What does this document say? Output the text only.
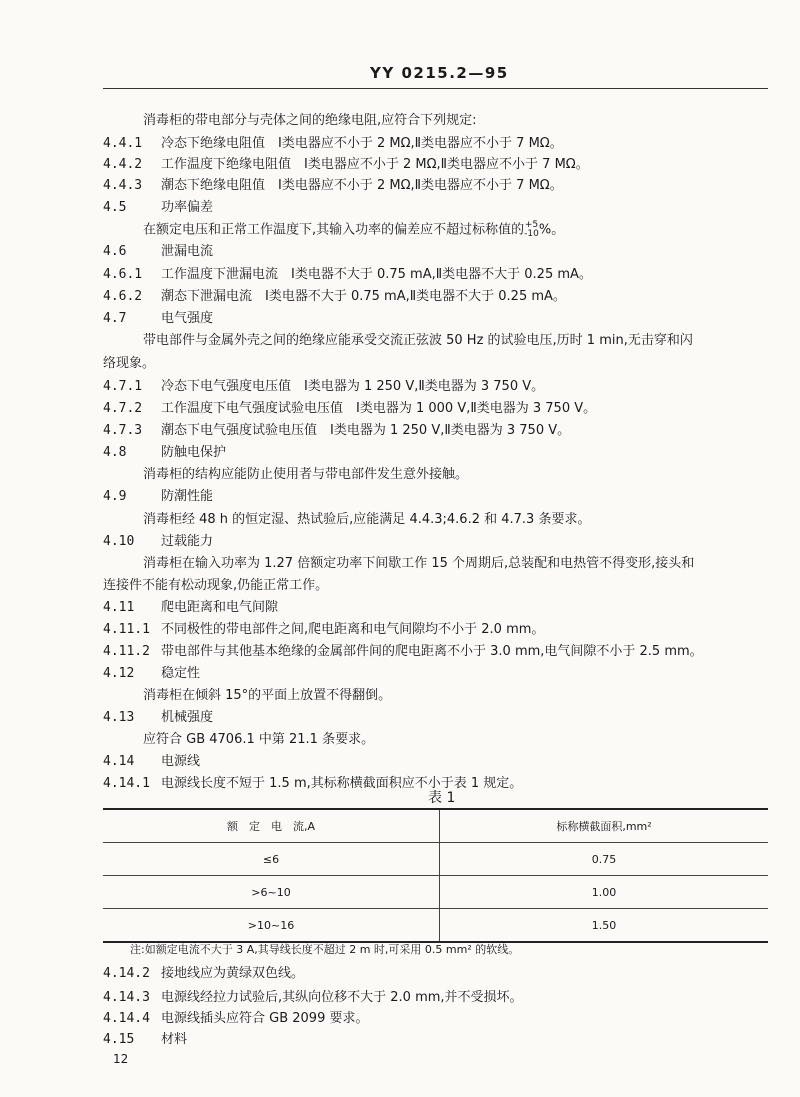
YY 0215.2—95
消毒柜的带电部分与壳体之间的绝缘电阻,应符合下列规定:
4.4.1 冷态下绝缘电阻值　Ⅰ类电器应不小于 2 MΩ,Ⅱ类电器应不小于 7 MΩ。
4.4.2 工作温度下绝缘电阻值　Ⅰ类电器应不小于 2 MΩ,Ⅱ类电器应不小于 7 MΩ。
4.4.3 潮态下绝缘电阻值　Ⅰ类电器应不小于 2 MΩ,Ⅱ类电器应不小于 7 MΩ。
4.5	功率偏差
在额定电压和正常工作温度下,其输入功率的偏差应不超过标称值的 +5
-10 %。
4.6	泄漏电流
4.6.1 工作温度下泄漏电流　Ⅰ类电器不大于 0.75 mA,Ⅱ类电器不大于 0.25 mA。
4.6.2 潮态下泄漏电流　Ⅰ类电器不大于 0.75 mA,Ⅱ类电器不大于 0.25 mA。
4.7	电气强度
带电部件与金属外壳之间的绝缘应能承受交流正弦波 50 Hz 的试验电压,历时 1 min,无击穿和闪
络现象。
4.7.1 冷态下电气强度电压值　Ⅰ类电器为 1 250 V,Ⅱ类电器为 3 750 V。
4.7.2 工作温度下电气强度试验电压值　Ⅰ类电器为 1 000 V,Ⅱ类电器为 3 750 V。
4.7.3 潮态下电气强度试验电压值　Ⅰ类电器为 1 250 V,Ⅱ类电器为 3 750 V。
4.8	防触电保护
消毒柜的结构应能防止使用者与带电部件发生意外接触。
4.9	防潮性能
消毒柜经 48 h 的恒定湿、热试验后,应能满足 4.4.3;4.6.2 和 4.7.3 条要求。
4.10 过载能力
消毒柜在输入功率为 1.27 倍额定功率下间歇工作 15 个周期后,总装配和电热管不得变形,接头和
连接件不能有松动现象,仍能正常工作。
4.11 爬电距离和电气间隙
4.11.1 不同极性的带电部件之间,爬电距离和电气间隙均不小于 2.0 mm。
4.11.2 带电部件与其他基本绝缘的金属部件间的爬电距离不小于 3.0 mm,电气间隙不小于 2.5 mm。
4.12 稳定性
消毒柜在倾斜 15°的平面上放置不得翻倒。
4.13 机械强度
应符合 GB 4706.1 中第 21.1 条要求。
4.14 电源线
4.14.1 电源线长度不短于 1.5 m,其标称横截面积应不小于表 1 规定。
表 1
额　定　电　流,A	标称横截面积,mm²
≤6	0.75
>6~10	1.00
>10~16	1.50
注:如额定电流不大于 3 A,其导线长度不超过 2 m 时,可采用 0.5 mm² 的软线。
4.14.2 接地线应为黄绿双色线。
4.14.3 电源线经拉力试验后,其纵向位移不大于 2.0 mm,并不受损坏。
4.14.4 电源线插头应符合 GB 2099 要求。
4.15 材料
12
